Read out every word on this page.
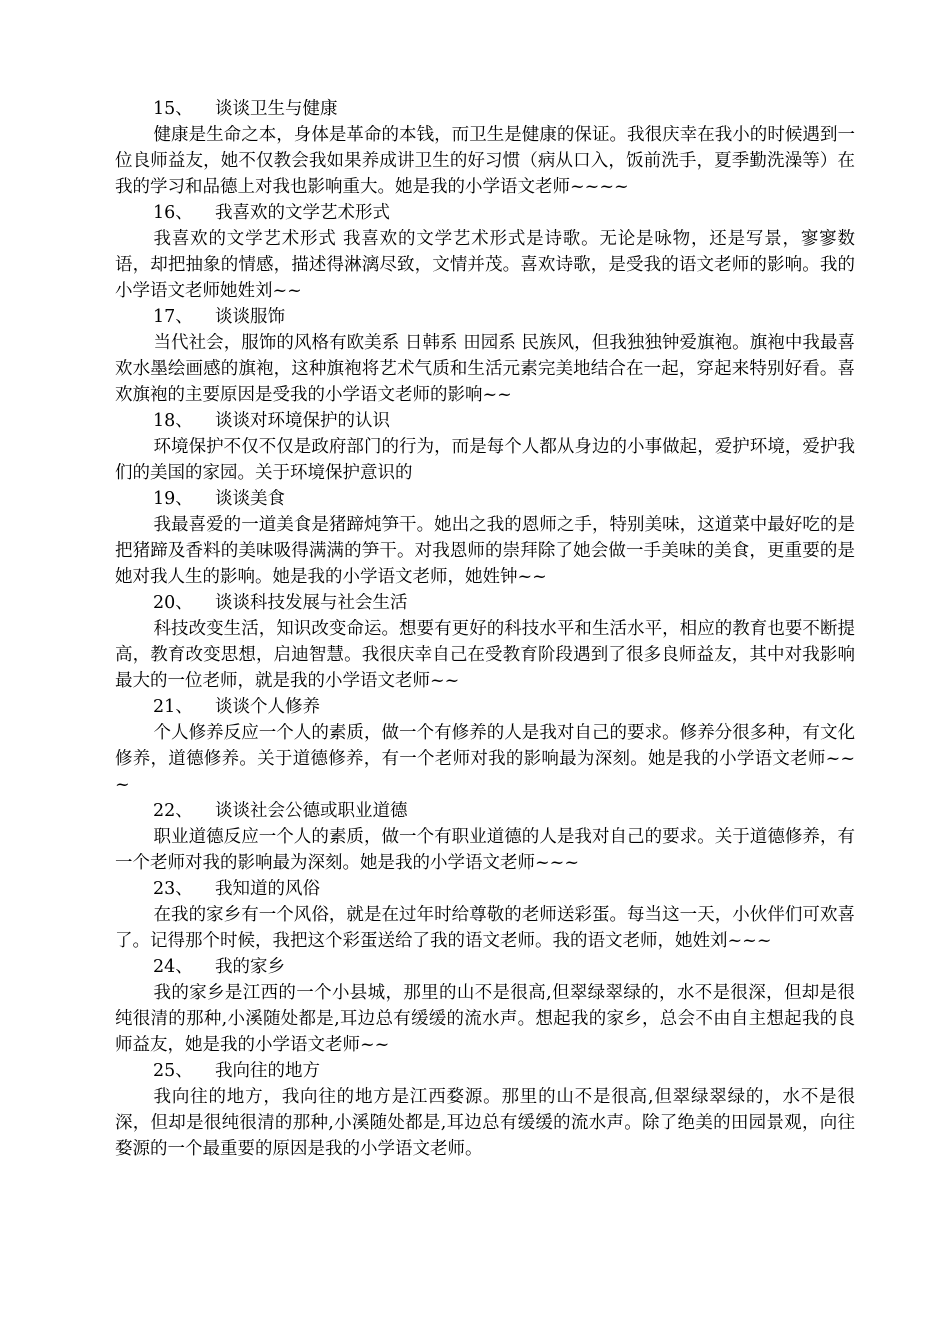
15、	谈谈卫生与健康

健康是生命之本，身体是革命的本钱，而卫生是健康的保证。我很庆幸在我小的时候遇到一位良师益友，她不仅教会我如果养成讲卫生的好习惯（病从口入，饭前洗手，夏季勤洗澡等）在我的学习和品德上对我也影响重大。她是我的小学语文老师~~~~

16、	我喜欢的文学艺术形式

我喜欢的文学艺术形式 我喜欢的文学艺术形式是诗歌。无论是咏物，还是写景，寥寥数语，却把抽象的情感，描述得淋漓尽致，文情并茂。喜欢诗歌，是受我的语文老师的影响。我的小学语文老师她姓刘~~

17、	谈谈服饰

当代社会，服饰的风格有欧美系 日韩系 田园系 民族风，但我独独钟爱旗袍。旗袍中我最喜欢水墨绘画感的旗袍，这种旗袍将艺术气质和生活元素完美地结合在一起，穿起来特别好看。喜欢旗袍的主要原因是受我的小学语文老师的影响~~

18、	谈谈对环境保护的认识

环境保护不仅不仅是政府部门的行为，而是每个人都从身边的小事做起，爱护环境，爱护我们的美国的家园。关于环境保护意识的

19、	谈谈美食

我最喜爱的一道美食是猪蹄炖笋干。她出之我的恩师之手，特别美味，这道菜中最好吃的是把猪蹄及香料的美味吸得满满的笋干。对我恩师的崇拜除了她会做一手美味的美食，更重要的是她对我人生的影响。她是我的小学语文老师，她姓钟~~

20、	谈谈科技发展与社会生活

科技改变生活，知识改变命运。想要有更好的科技水平和生活水平，相应的教育也要不断提高，教育改变思想，启迪智慧。我很庆幸自己在受教育阶段遇到了很多良师益友，其中对我影响最大的一位老师，就是我的小学语文老师~~

21、	谈谈个人修养

个人修养反应一个人的素质，做一个有修养的人是我对自己的要求。修养分很多种，有文化修养，道德修养。关于道德修养，有一个老师对我的影响最为深刻。她是我的小学语文老师~~~

22、	谈谈社会公德或职业道德

职业道德反应一个人的素质，做一个有职业道德的人是我对自己的要求。关于道德修养，有一个老师对我的影响最为深刻。她是我的小学语文老师~~~

23、	我知道的风俗

在我的家乡有一个风俗，就是在过年时给尊敬的老师送彩蛋。每当这一天，小伙伴们可欢喜了。记得那个时候，我把这个彩蛋送给了我的语文老师。我的语文老师，她姓刘~~~

24、	我的家乡

我的家乡是江西的一个小县城，那里的山不是很高,但翠绿翠绿的，水不是很深，但却是很纯很清的那种,小溪随处都是,耳边总有缓缓的流水声。想起我的家乡，总会不由自主想起我的良师益友，她是我的小学语文老师~~

25、	我向往的地方

我向往的地方，我向往的地方是江西婺源。那里的山不是很高,但翠绿翠绿的，水不是很深，但却是很纯很清的那种,小溪随处都是,耳边总有缓缓的流水声。除了绝美的田园景观，向往婺源的一个最重要的原因是我的小学语文老师。
